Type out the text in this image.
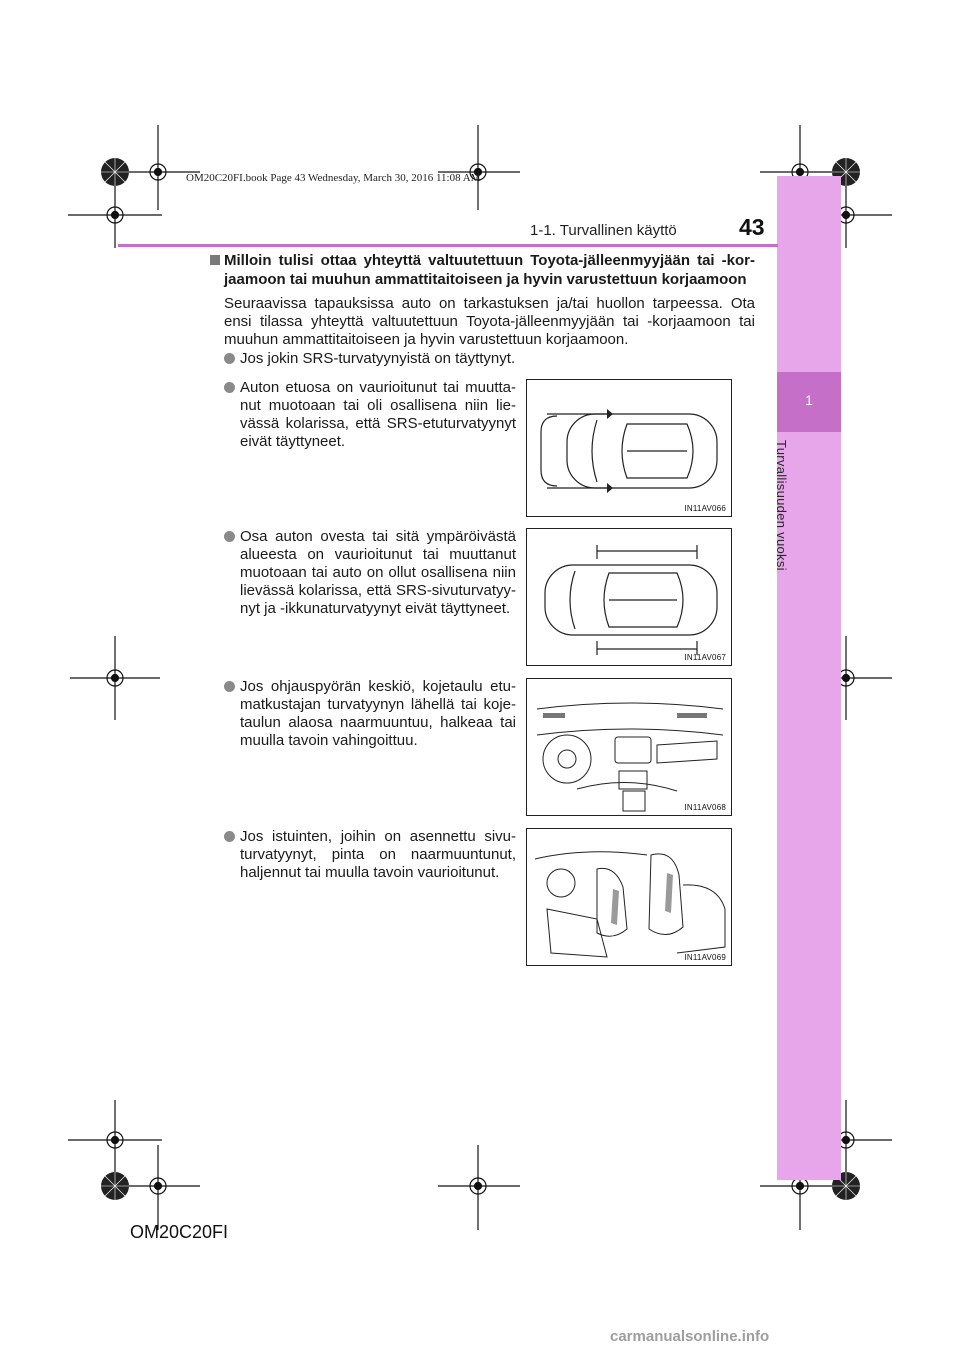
OM20C20FI.book Page 43 Wednesday, March 30, 2016 11:08 AM
1
Turvallisuuden vuoksi
1-1. Turvallinen käyttö	43
Milloin tulisi ottaa yhteyttä valtuutettuun Toyota-jälleenmyyjään tai -kor-jaamoon tai muuhun ammattitaitoiseen ja hyvin varustettuun korjaamoon
Seuraavissa tapauksissa auto on tarkastuksen ja/tai huollon tarpeessa. Ota ensi tilassa yhteyttä valtuutettuun Toyota-jälleenmyyjään tai -korjaamoon tai muuhun ammattitaitoiseen ja hyvin varustettuun korjaamoon.
Jos jokin SRS-turvatyynyistä on täyttynyt.
Auton etuosa on vaurioitunut tai muutta-nut muotoaan tai oli osallisena niin lie-vässä kolarissa, että SRS-etuturvatyynyt eivät täyttyneet.
Osa auton ovesta tai sitä ympäröivästä alueesta on vaurioitunut tai muuttanut muotoaan tai auto on ollut osallisena niin lievässä kolarissa, että SRS-sivuturvatyy-nyt ja -ikkunaturvatyynyt eivät täyttyneet.
Jos ohjauspyörän keskiö, kojetaulu etu-matkustajan turvatyynyn lähellä tai koje-taulun alaosa naarmuuntuu, halkeaa tai muulla tavoin vahingoittuu.
Jos istuinten, joihin on asennettu sivu-turvatyynyt, pinta on naarmuuntunut, haljennut tai muulla tavoin vaurioitunut.
IN11AV066
IN11AV067
IN11AV068
IN11AV069
OM20C20FI
carmanualsonline.info
